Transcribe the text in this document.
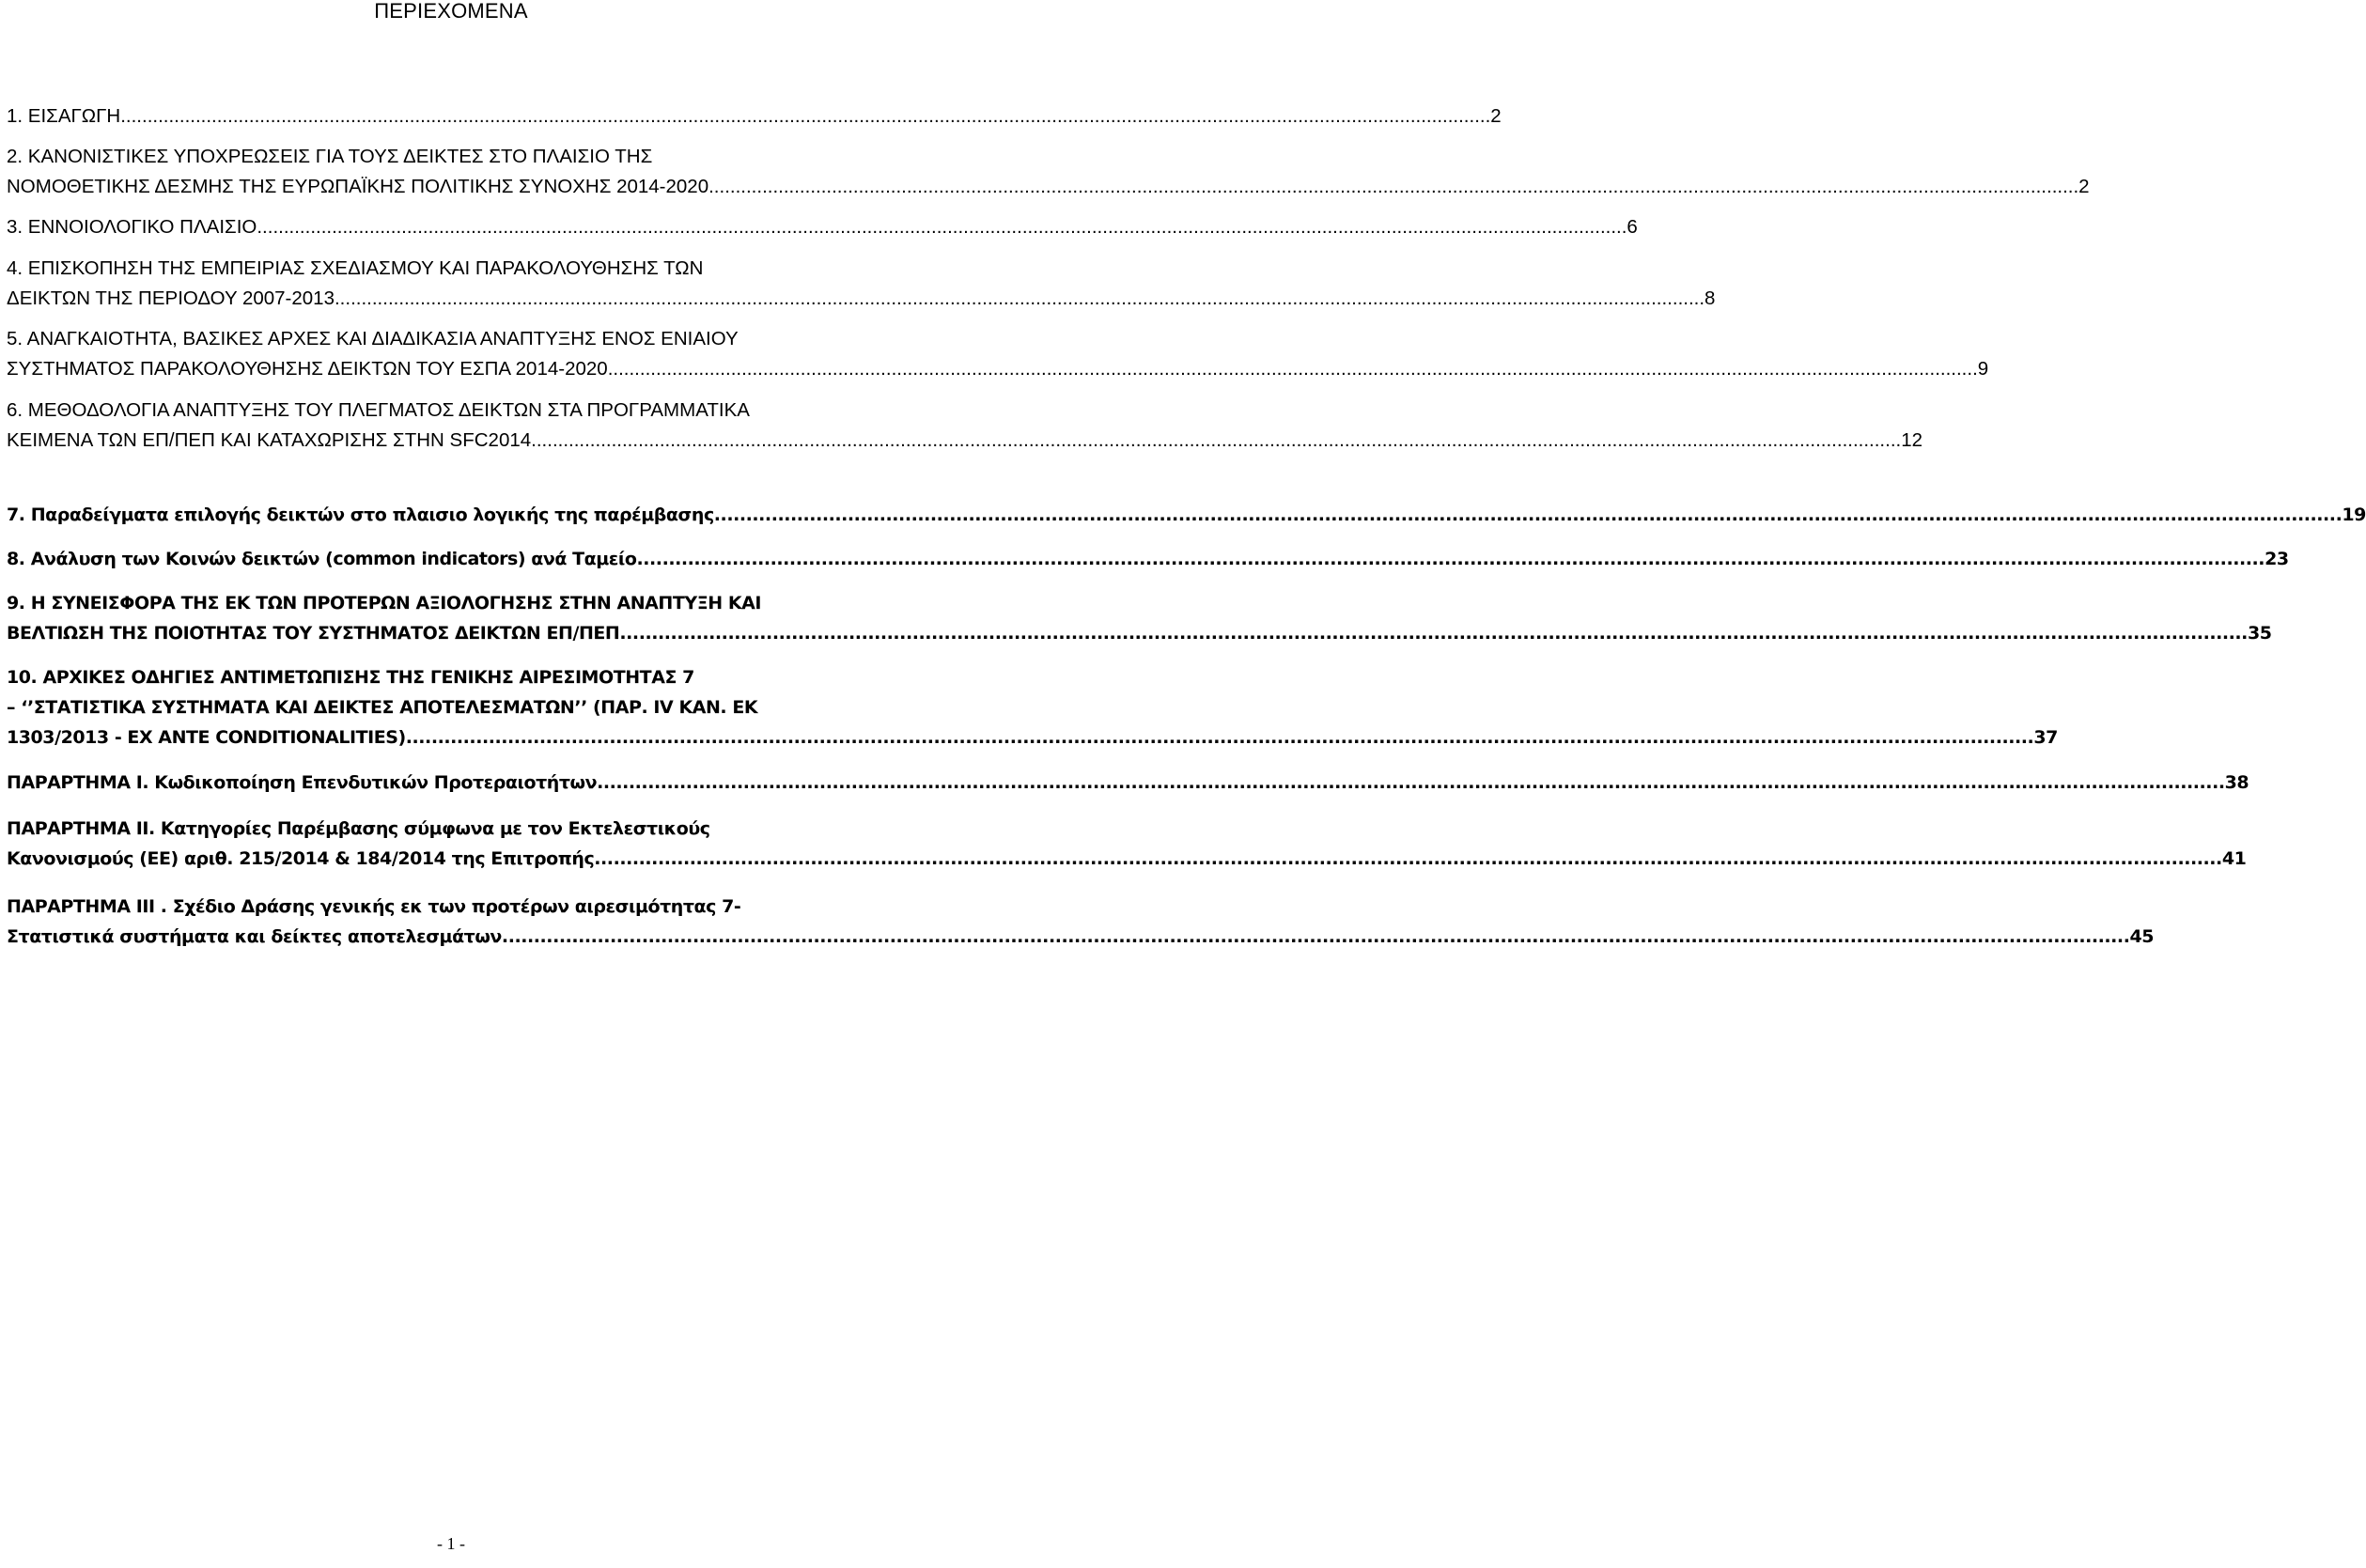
ΠΕΡΙΕΧΟΜΕΝΑ
1. ΕΙΣΑΓΩΓΗ .....	2
2. ΚΑΝΟΝΙΣΤΙΚΕΣ ΥΠΟΧΡΕΩΣΕΙΣ ΓΙΑ ΤΟΥΣ ΔΕΙΚΤΕΣ ΣΤΟ ΠΛΑΙΣΙΟ ΤΗΣ
ΝΟΜΟΘΕΤΙΚΗΣ ΔΕΣΜΗΣ ΤΗΣ ΕΥΡΩΠΑΪΚΗΣ ΠΟΛΙΤΙΚΗΣ ΣΥΝΟΧΗΣ 2014-2020 .....	2
3. ΕΝΝΟΙΟΛΟΓΙΚΟ ΠΛΑΙΣΙΟ .....	6
4. ΕΠΙΣΚΟΠΗΣΗ ΤΗΣ ΕΜΠΕΙΡΙΑΣ ΣΧΕΔΙΑΣΜΟΥ ΚΑΙ ΠΑΡΑΚΟΛΟΥΘΗΣΗΣ ΤΩΝ
ΔΕΙΚΤΩΝ ΤΗΣ ΠΕΡΙΟΔΟΥ 2007-2013 .....	8
5. ΑΝΑΓΚΑΙΟΤΗΤΑ, ΒΑΣΙΚΕΣ ΑΡΧΕΣ ΚΑΙ ΔΙΑΔΙΚΑΣΙΑ ΑΝΑΠΤΥΞΗΣ ΕΝΟΣ ΕΝΙΑΙΟΥ
ΣΥΣΤΗΜΑΤΟΣ ΠΑΡΑΚΟΛΟΥΘΗΣΗΣ ΔΕΙΚΤΩΝ ΤΟΥ ΕΣΠΑ 2014-2020 .....	9
6. ΜΕΘΟΔΟΛΟΓΙΑ ΑΝΑΠΤΥΞΗΣ ΤΟΥ ΠΛΕΓΜΑΤΟΣ ΔΕΙΚΤΩΝ ΣΤΑ ΠΡΟΓΡΑΜΜΑΤΙΚΑ
ΚΕΙΜΕΝΑ ΤΩΝ ΕΠ/ΠΕΠ ΚΑΙ ΚΑΤΑΧΩΡΙΣΗΣ ΣΤΗΝ SFC2014 .....	12
7. Παραδείγματα επιλογής δεικτών στο πλαισιο λογικής της παρέμβασης .....	19
8. Ανάλυση των Κοινών δεικτών (common indicators) ανά Ταμείο .....	23
9. Η ΣΥΝΕΙΣΦΟΡΑ ΤΗΣ ΕΚ ΤΩΝ ΠΡΟΤΕΡΩΝ ΑΞΙΟΛΟΓΗΣΗΣ ΣΤΗΝ ΑΝΑΠΤΥΞΗ ΚΑΙ
ΒΕΛΤΙΩΣΗ ΤΗΣ ΠΟΙΟΤΗΤΑΣ ΤΟΥ ΣΥΣΤΗΜΑΤΟΣ ΔΕΙΚΤΩΝ ΕΠ/ΠΕΠ .....	35
10. ΑΡΧΙΚΕΣ ΟΔΗΓΙΕΣ ΑΝΤΙΜΕΤΩΠΙΣΗΣ ΤΗΣ ΓΕΝΙΚΗΣ ΑΙΡΕΣΙΜΟΤΗΤΑΣ 7
– ‘’ΣΤΑΤΙΣΤΙΚΑ ΣΥΣΤΗΜΑΤΑ ΚΑΙ ΔΕΙΚΤΕΣ ΑΠΟΤΕΛΕΣΜΑΤΩΝ’’ (ΠΑΡ. IV ΚΑΝ. ΕΚ
1303/2013 - EX ANTE CONDITIONALITIES) .....	37
ΠΑΡΑΡΤΗΜΑ Ι. Κωδικοποίηση Επενδυτικών Προτεραιοτήτων .....	38
ΠΑΡΑΡΤΗΜΑ ΙΙ. Κατηγορίες Παρέμβασης σύμφωνα με τον Εκτελεστικούς
Κανονισμούς (ΕΕ) αριθ. 215/2014 & 184/2014 της Επιτροπής .....	41
ΠΑΡΑΡΤΗΜΑ ΙΙΙ . Σχέδιο Δράσης γενικής εκ των προτέρων αιρεσιμότητας 7-
Στατιστικά συστήματα και δείκτες αποτελεσμάτων .....	45
- 1 -
